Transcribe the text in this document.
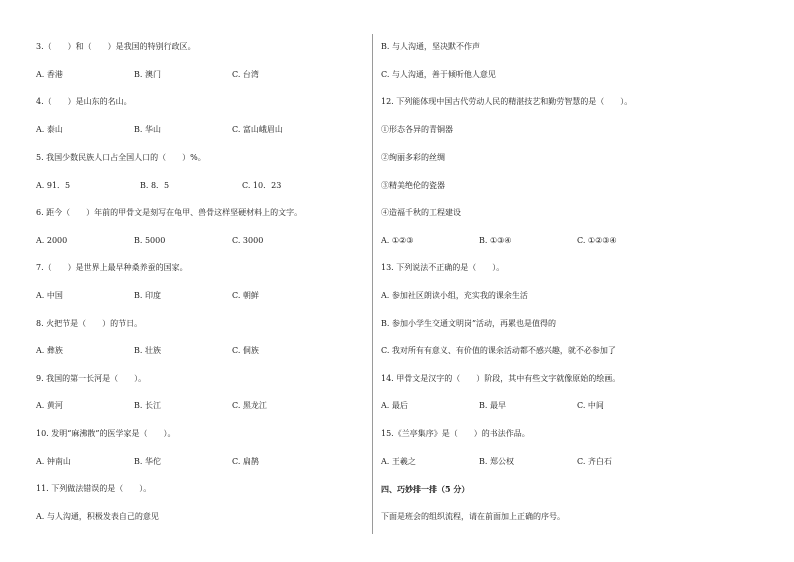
3.（　　）和（　　）是我国的特别行政区。
A. 香港	B. 澳门	C. 台湾
4.（　　）是山东的名山。
A. 泰山	B. 华山	C. 富山峨眉山
5. 我国少数民族人口占全国人口的（　　）%。
A. 91．5	B. 8．5	C. 10．23
6. 距今（　　）年前的甲骨文是刻写在龟甲、兽骨这样坚硬材料上的文字。
A. 2000	B. 5000	C. 3000
7.（　　）是世界上最早种桑养蚕的国家。
A. 中国	B. 印度	C. 朝鲜
8. 火把节是（　　）的节日。
A. 彝族	B. 壮族	C. 侗族
9. 我国的第一长河是（　　）。
A. 黄河	B. 长江	C. 黑龙江
10. 发明“麻沸散”的医学家是（　　）。
A. 钟南山	B. 华佗	C. 扁鹊
11. 下列做法错误的是（　　）。
A. 与人沟通，积极发表自己的意见
B. 与人沟通，坚决默不作声
C. 与人沟通，善于倾听他人意见
12. 下列能体现中国古代劳动人民的精湛技艺和勤劳智慧的是（　　）。
①形态各异的青铜器
②绚丽多彩的丝绸
③精美绝伦的瓷器
④造福千秋的工程建设
A. ①②③	B. ①③④	C. ①②③④
13. 下列说法不正确的是（　　）。
A. 参加社区朗读小组，充实我的课余生活
B. 参加小学生交通文明岗”活动，再累也是值得的
C. 我对所有有意义、有价值的课余活动都不感兴趣，就不必参加了
14. 甲骨文是汉字的（　　）阶段，其中有些文字就像原始的绘画。
A. 最后	B. 最早	C. 中间
15.《兰亭集序》是（　　）的书法作品。
A. 王羲之	B. 郑公权	C. 齐白石
四、巧妙排一排（5 分）
下面是班会的组织流程，请在前面加上正确的序号。
